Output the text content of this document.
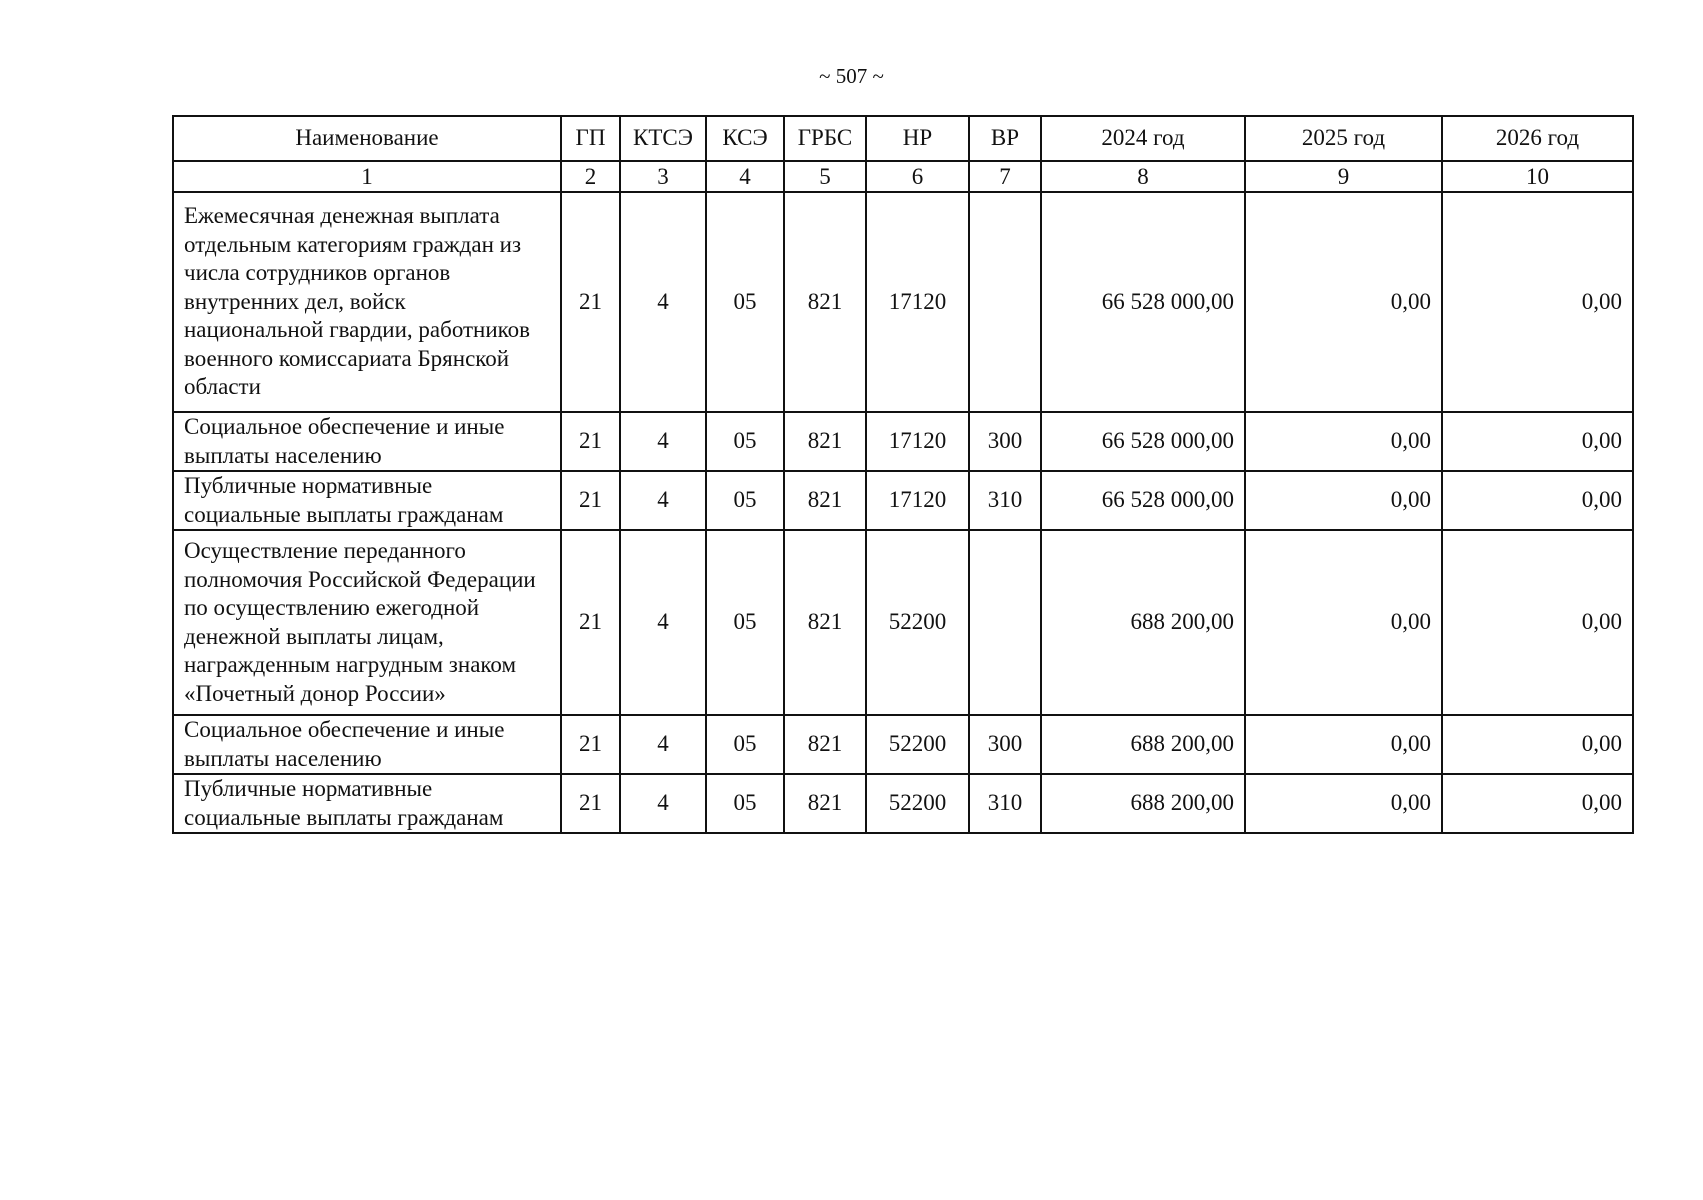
~ 507 ~
Наименование	ГП	КТСЭ	КСЭ	ГРБС	НР	ВР	2024 год	2025 год	2026 год
1	2	3	4	5	6	7	8	9	10
Ежемесячная денежная выплата отдельным категориям граждан из числа сотрудников органов внутренних дел, войск национальной гвардии, работников военного комиссариата Брянской области	21	4	05	821	17120		66 528 000,00	0,00	0,00
Социальное обеспечение и иные выплаты населению	21	4	05	821	17120	300	66 528 000,00	0,00	0,00
Публичные нормативные социальные выплаты гражданам	21	4	05	821	17120	310	66 528 000,00	0,00	0,00
Осуществление переданного полномочия Российской Федерации по осуществлению ежегодной денежной выплаты лицам, награжденным нагрудным знаком «Почетный донор России»	21	4	05	821	52200		688 200,00	0,00	0,00
Социальное обеспечение и иные выплаты населению	21	4	05	821	52200	300	688 200,00	0,00	0,00
Публичные нормативные социальные выплаты гражданам	21	4	05	821	52200	310	688 200,00	0,00	0,00
